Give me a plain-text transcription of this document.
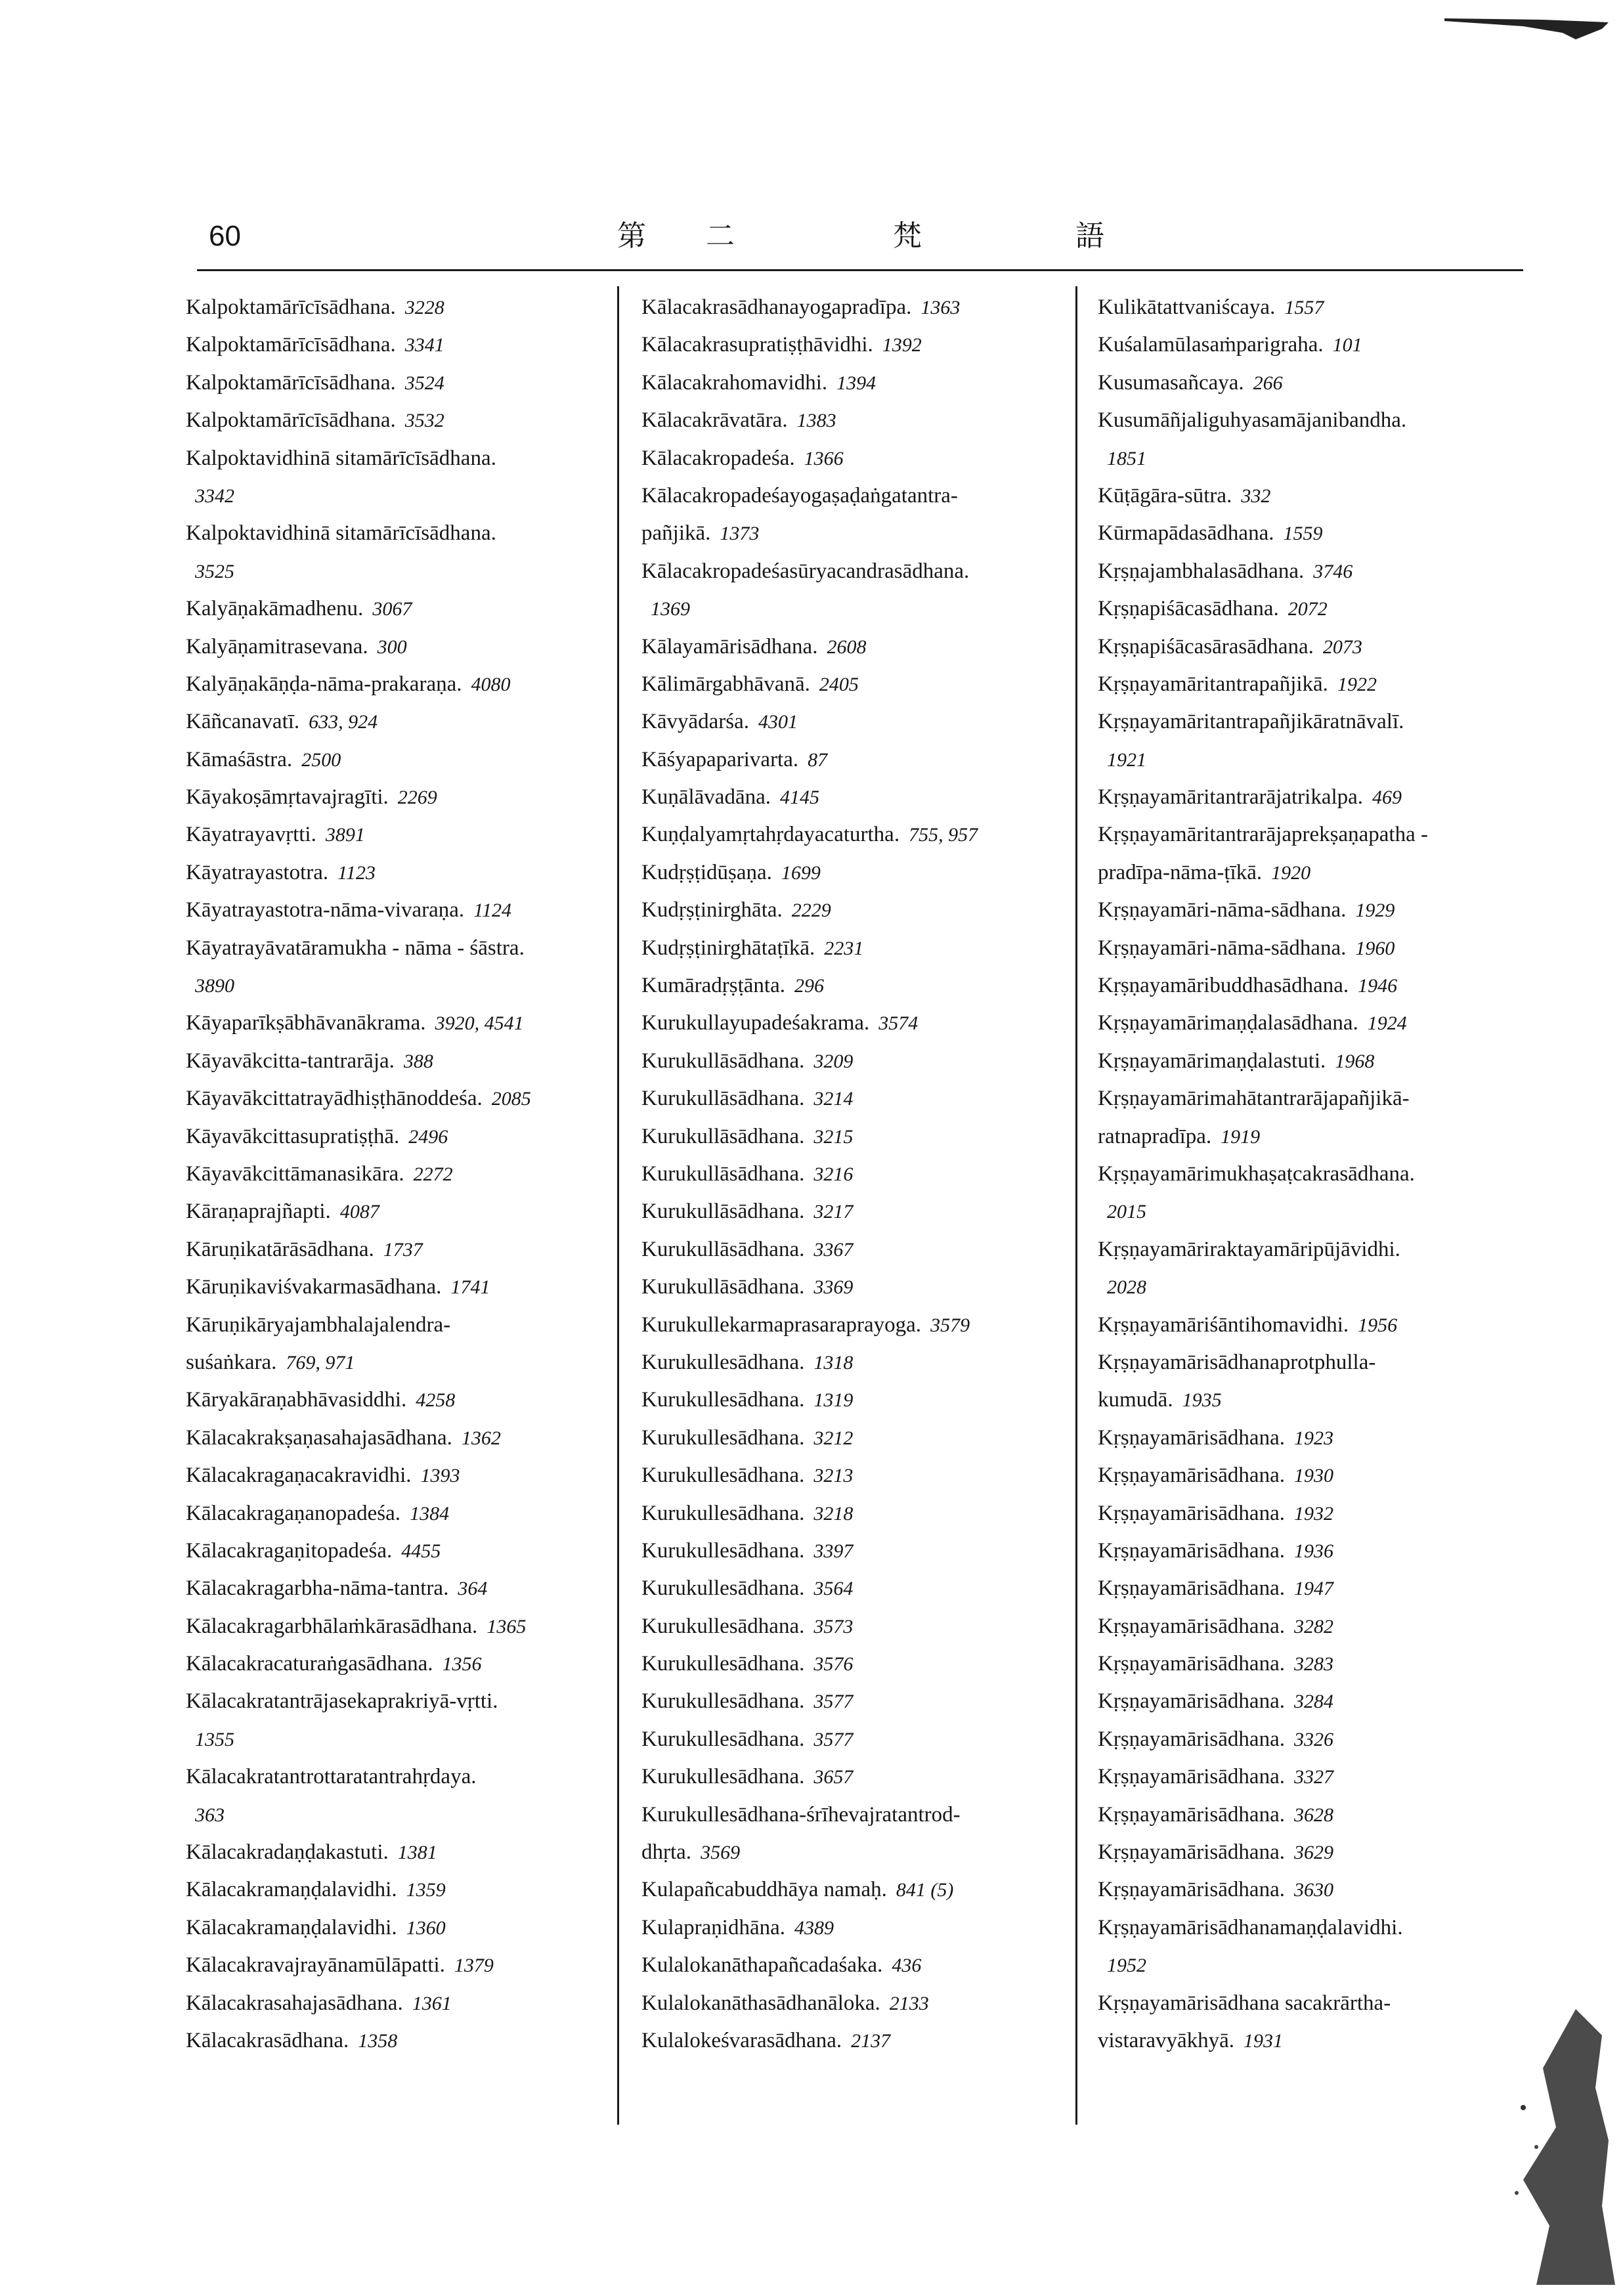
60	第 二	梵	語
Kalpoktamārīcīsādhana. 3228
Kalpoktamārīcīsādhana. 3341
Kalpoktamārīcīsādhana. 3524
Kalpoktamārīcīsādhana. 3532
Kalpoktavidhinā sitamārīcīsādhana.
3342
Kalpoktavidhinā sitamārīcīsādhana.
3525
Kalyāṇakāmadhenu. 3067
Kalyāṇamitrasevana. 300
Kalyāṇakāṇḍa-nāma-prakaraṇa. 4080
Kāñcanavatī. 633, 924
Kāmaśāstra. 2500
Kāyakoṣāmṛtavajragīti. 2269
Kāyatrayavṛtti. 3891
Kāyatrayastotra. 1123
Kāyatrayastotra-nāma-vivaraṇa. 1124
Kāyatrayāvatāramukha - nāma - śāstra.
3890
Kāyaparīkṣābhāvanākrama. 3920, 4541
Kāyavākcitta-tantrarāja. 388
Kāyavākcittatrayādhiṣṭhānoddeśa. 2085
Kāyavākcittasupratiṣṭhā. 2496
Kāyavākcittāmanasikāra. 2272
Kāraṇaprajñapti. 4087
Kāruṇikatārāsādhana. 1737
Kāruṇikaviśvakarmasādhana. 1741
Kāruṇikāryajambhalajalendra-
suśaṅkara. 769, 971
Kāryakāraṇabhāvasiddhi. 4258
Kālacakrakṣaṇasahajasādhana. 1362
Kālacakragaṇacakravidhi. 1393
Kālacakragaṇanopadeśa. 1384
Kālacakragaṇitopadeśa. 4455
Kālacakragarbha-nāma-tantra. 364
Kālacakragarbhālaṁkārasādhana. 1365
Kālacakracaturaṅgasādhana. 1356
Kālacakratantrājasekaprakriyā-vṛtti.
1355
Kālacakratantrottaratantrahṛdaya.
363
Kālacakradaṇḍakastuti. 1381
Kālacakramaṇḍalavidhi. 1359
Kālacakramaṇḍalavidhi. 1360
Kālacakravajrayānamūlāpatti. 1379
Kālacakrasahajasādhana. 1361
Kālacakrasādhana. 1358
Kālacakrasādhanayogapradīpa. 1363
Kālacakrasupratiṣṭhāvidhi. 1392
Kālacakrahomavidhi. 1394
Kālacakrāvatāra. 1383
Kālacakropadeśa. 1366
Kālacakropadeśayogaṣaḍaṅgatantra-
pañjikā. 1373
Kālacakropadeśasūryacandrasādhana.
1369
Kālayamārisādhana. 2608
Kālimārgabhāvanā. 2405
Kāvyādarśa. 4301
Kāśyapaparivarta. 87
Kuṇālāvadāna. 4145
Kuṇḍalyamṛtahṛdayacaturtha. 755, 957
Kudṛṣṭidūṣaṇa. 1699
Kudṛṣṭinirghāta. 2229
Kudṛṣṭinirghātaṭīkā. 2231
Kumāradṛṣṭānta. 296
Kurukullayupadeśakrama. 3574
Kurukullāsādhana. 3209
Kurukullāsādhana. 3214
Kurukullāsādhana. 3215
Kurukullāsādhana. 3216
Kurukullāsādhana. 3217
Kurukullāsādhana. 3367
Kurukullāsādhana. 3369
Kurukullekarmaprasaraprayoga. 3579
Kurukullesādhana. 1318
Kurukullesādhana. 1319
Kurukullesādhana. 3212
Kurukullesādhana. 3213
Kurukullesādhana. 3218
Kurukullesādhana. 3397
Kurukullesādhana. 3564
Kurukullesādhana. 3573
Kurukullesādhana. 3576
Kurukullesādhana. 3577
Kurukullesādhana. 3577
Kurukullesādhana. 3657
Kurukullesādhana-śrīhevajratantrod-
dhṛta. 3569
Kulapañcabuddhāya namaḥ. 841 (5)
Kulapraṇidhāna. 4389
Kulalokanāthapañcadaśaka. 436
Kulalokanāthasādhanāloka. 2133
Kulalokeśvarasādhana. 2137
Kulikātattvaniścaya. 1557
Kuśalamūlasaṁparigraha. 101
Kusumasañcaya. 266
Kusumāñjaliguhyasamājanibandha.
1851
Kūṭāgāra-sūtra. 332
Kūrmapādasādhana. 1559
Kṛṣṇajambhalasādhana. 3746
Kṛṣṇapiśācasādhana. 2072
Kṛṣṇapiśācasārasādhana. 2073
Kṛṣṇayamāritantrapañjikā. 1922
Kṛṣṇayamāritantrapañjikāratnāvalī.
1921
Kṛṣṇayamāritantrarājatrikalpa. 469
Kṛṣṇayamāritantrarājaprekṣaṇapatha -
pradīpa-nāma-ṭīkā. 1920
Kṛṣṇayamāri-nāma-sādhana. 1929
Kṛṣṇayamāri-nāma-sādhana. 1960
Kṛṣṇayamāribuddhasādhana. 1946
Kṛṣṇayamārimaṇḍalasādhana. 1924
Kṛṣṇayamārimaṇḍalastuti. 1968
Kṛṣṇayamārimahātantrarājapañjikā-
ratnapradīpa. 1919
Kṛṣṇayamārimukhaṣaṭcakrasādhana.
2015
Kṛṣṇayamāriraktayamāripūjāvidhi.
2028
Kṛṣṇayamāriśāntihomavidhi. 1956
Kṛṣṇayamārisādhanaprotphulla-
kumudā. 1935
Kṛṣṇayamārisādhana. 1923
Kṛṣṇayamārisādhana. 1930
Kṛṣṇayamārisādhana. 1932
Kṛṣṇayamārisādhana. 1936
Kṛṣṇayamārisādhana. 1947
Kṛṣṇayamārisādhana. 3282
Kṛṣṇayamārisādhana. 3283
Kṛṣṇayamārisādhana. 3284
Kṛṣṇayamārisādhana. 3326
Kṛṣṇayamārisādhana. 3327
Kṛṣṇayamārisādhana. 3628
Kṛṣṇayamārisādhana. 3629
Kṛṣṇayamārisādhana. 3630
Kṛṣṇayamārisādhanamaṇḍalavidhi.
1952
Kṛṣṇayamārisādhana sacakrārtha-
vistaravyākhyā. 1931
